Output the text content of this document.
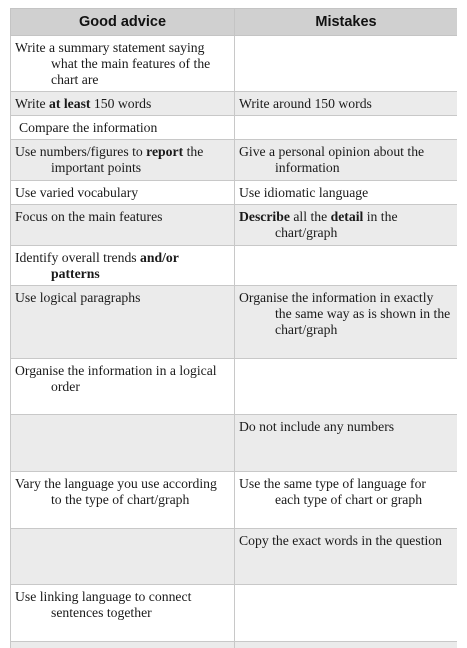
Good advice	Mistakes

Write a summary statement saying what the main features of the chart are	

Write at least 150 words	Write around 150 words

Compare the information	

Use numbers/figures to report the important points	Give a personal opinion about the information

Use varied vocabulary	Use idiomatic language

Focus on the main features	Describe all the detail in the chart/graph

Identify overall trends and/or patterns	

Use logical paragraphs	Organise the information in exactly the same way as is shown in the chart/graph

Organise the information in a logical order	

	Do not include any numbers

Vary the language you use according to the type of chart/graph	Use the same type of language for each type of chart or graph

	Copy the exact words in the question

Use linking language to connect sentences together	
